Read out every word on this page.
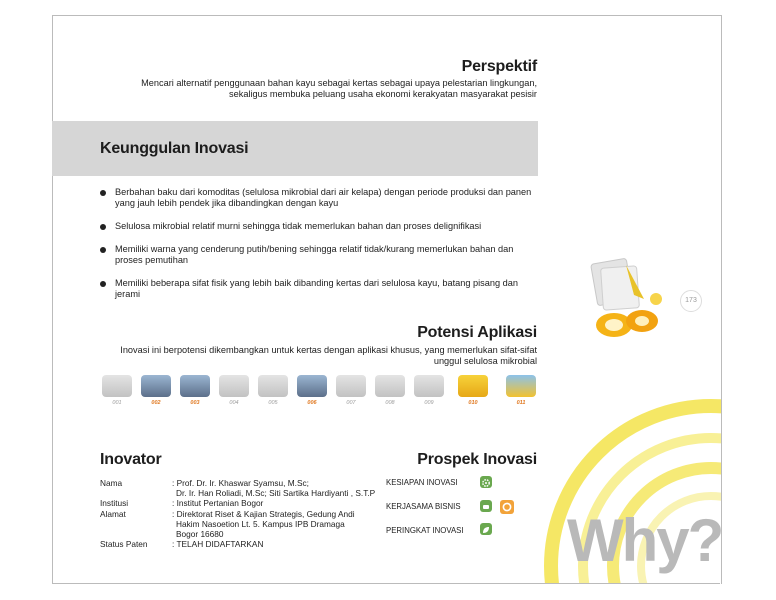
Perspektif
Mencari alternatif penggunaan bahan kayu sebagai kertas sebagai upaya pelestarian lingkungan,
sekaligus membuka peluang usaha ekonomi kerakyatan masyarakat pesisir
Keunggulan Inovasi
Berbahan baku dari komoditas (selulosa mikrobial dari air kelapa) dengan periode produksi dan panen yang jauh lebih pendek jika dibandingkan dengan kayu
Selulosa mikrobial relatif murni sehingga tidak memerlukan bahan dan proses delignifikasi
Memiliki warna yang cenderung putih/bening sehingga relatif tidak/kurang memerlukan bahan dan proses pemutihan
Memiliki beberapa sifat fisik yang lebih baik dibanding kertas dari selulosa kayu, batang pisang dan jerami
173
Potensi Aplikasi
Inovasi ini berpotensi dikembangkan untuk kertas dengan aplikasi khusus, yang memerlukan sifat-sifat
unggul selulosa mikrobial
001	002	003	004	005	006	007	008	009	010	011
Inovator
Nama	: Prof. Dr. Ir. Khaswar Syamsu, M.Sc;
	Dr. Ir. Han Roliadi, M.Sc; Siti Sartika Hardiyanti , S.T.P
Institusi	: Institut Pertanian Bogor
Alamat	: Direktorat Riset & Kajian Strategis, Gedung Andi
	Hakim Nasoetion Lt. 5. Kampus IPB Dramaga
	Bogor 16680
Status Paten	: TELAH DIDAFTARKAN
Prospek Inovasi
KESIAPAN INOVASI
KERJASAMA BISNIS
PERINGKAT INOVASI Why?
